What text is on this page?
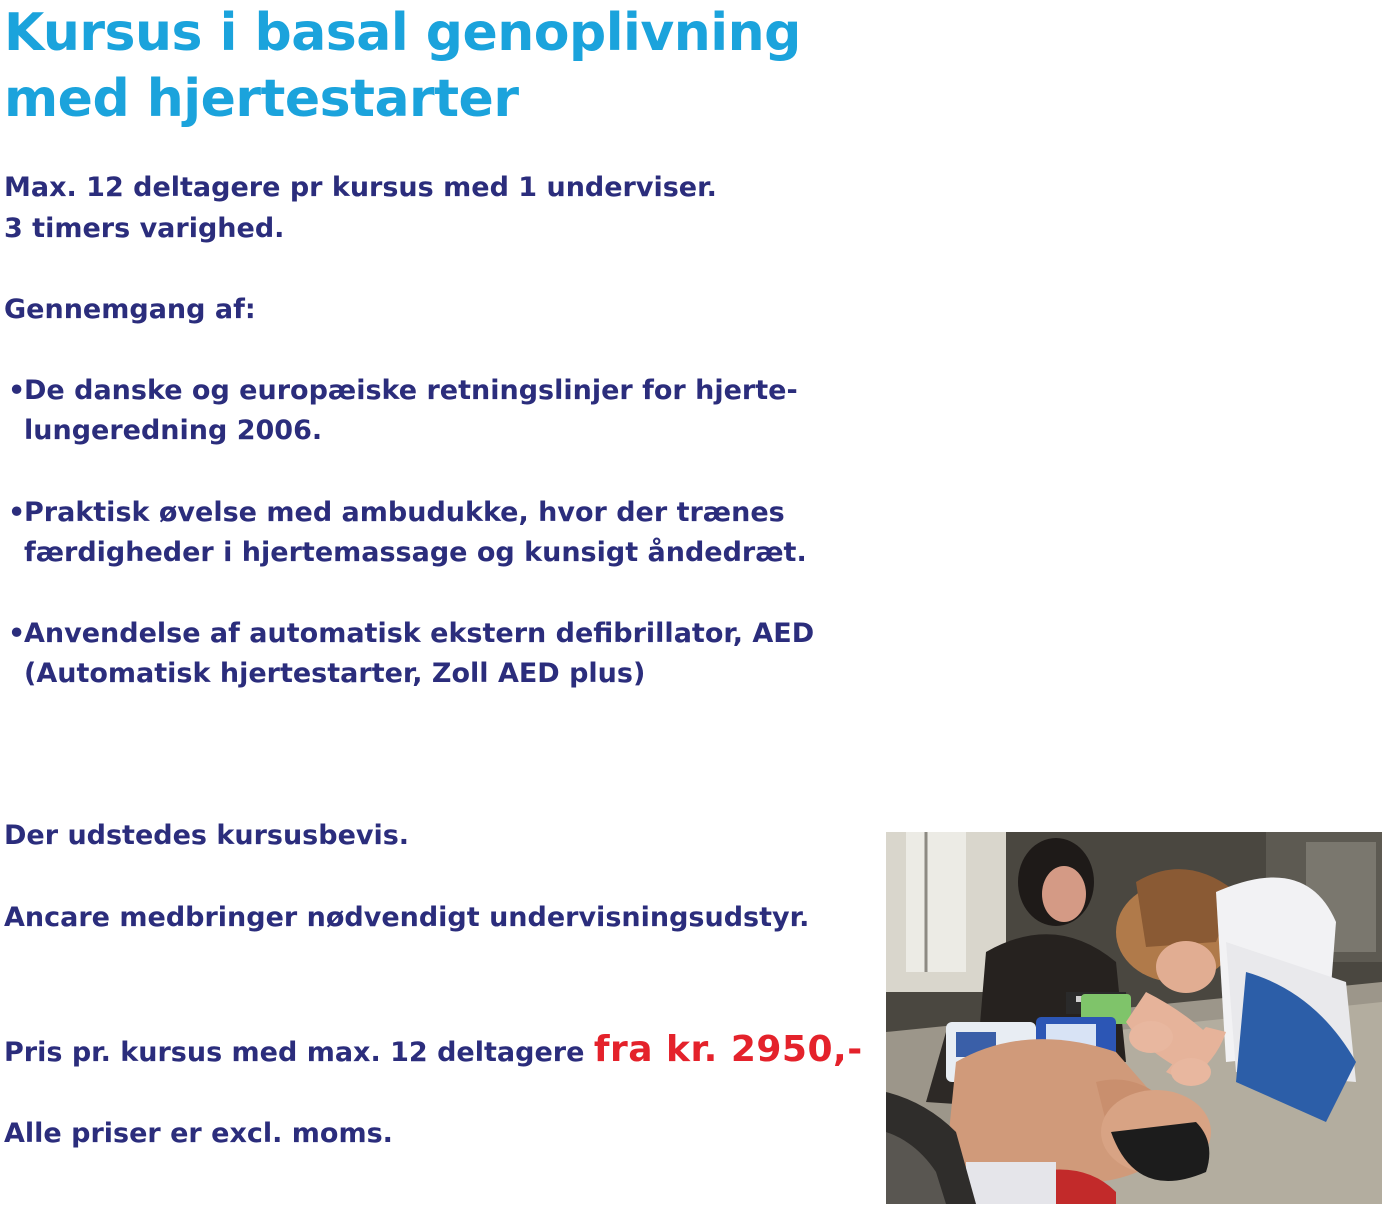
Kursus i basal genoplivning med hjertestarter

Max. 12 deltagere pr kursus med 1 underviser.

3 timers varighed.

Gennemgang af:

•
De danske og europæiske retningslinjer for hjerte-lungeredning 2006.
•
Praktisk øvelse med ambudukke, hvor der trænes færdigheder i hjertemassage og kunsigt åndedræt.
•
Anvendelse af automatisk ekstern defibrillator, AED (Automatisk hjertestarter, Zoll AED plus)

Der udstedes kursusbevis.

Ancare medbringer nødvendigt undervisningsudstyr.

Pris pr. kursus med max. 12 deltagere fra kr. 2950,-

Alle priser er excl. moms.
